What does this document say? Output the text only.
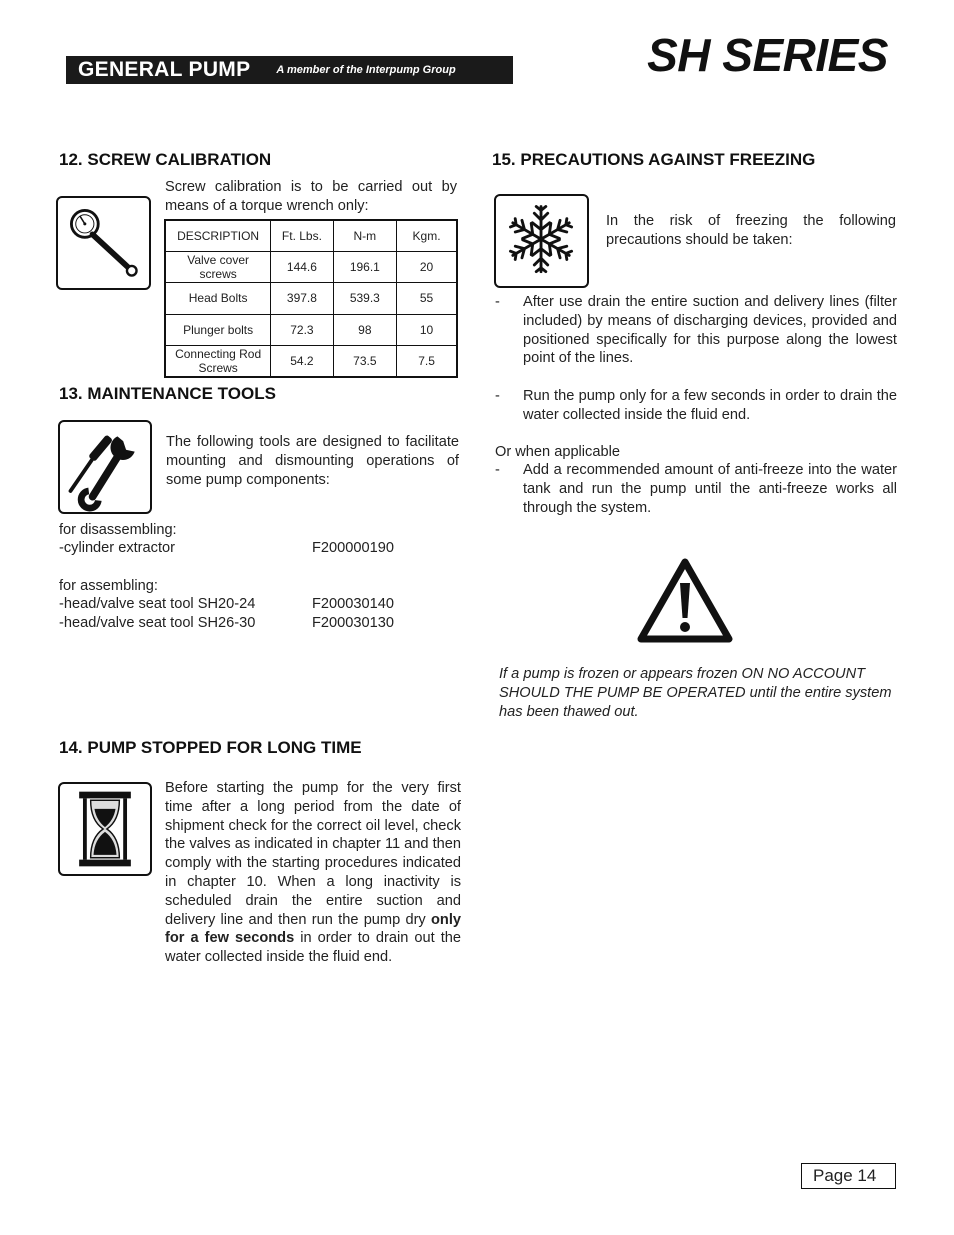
GENERAL PUMP A member of the Interpump Group	SH SERIES
12. SCREW CALIBRATION
Screw calibration is to be carried out by means of a torque wrench only:
DESCRIPTION	Ft. Lbs.	N-m	Kgm.
Valve cover screws	144.6	196.1	20
Head Bolts	397.8	539.3	55
Plunger bolts	72.3	98	10
Connecting Rod Screws	54.2	73.5	7.5
13. MAINTENANCE TOOLS
The following tools are designed to facilitate mounting and dismounting operations of some pump components:
for disassembling:
-cylinder extractor	F200000190
for assembling:
-head/valve seat tool SH20-24	F200030140
-head/valve seat tool SH26-30	F200030130
14. PUMP STOPPED FOR LONG TIME
Before starting the pump for the very first time after a long period from the date of shipment check for the correct oil level, check the valves as indicated in chapter 11 and then comply with the starting procedures indicated in chapter 10. When a long inactivity is scheduled drain the entire suction and delivery line and then run the pump dry only for a few seconds in order to drain out the water collected inside the fluid end.
15. PRECAUTIONS AGAINST FREEZING
In the risk of freezing the following precautions should be taken:
- After use drain the entire suction and delivery lines (filter included) by means of discharging devices, provided and positioned specifically for this purpose along the lowest point of the lines.
- Run the pump only for a few seconds in order to drain the water collected inside the fluid end.
Or when applicable
- Add a recommended amount of anti-freeze into the water tank and run the pump until the anti-freeze works all through the system.
If a pump is frozen or appears frozen ON NO ACCOUNT SHOULD THE PUMP BE OPERATED until the entire system has been thawed out.
Page 14
